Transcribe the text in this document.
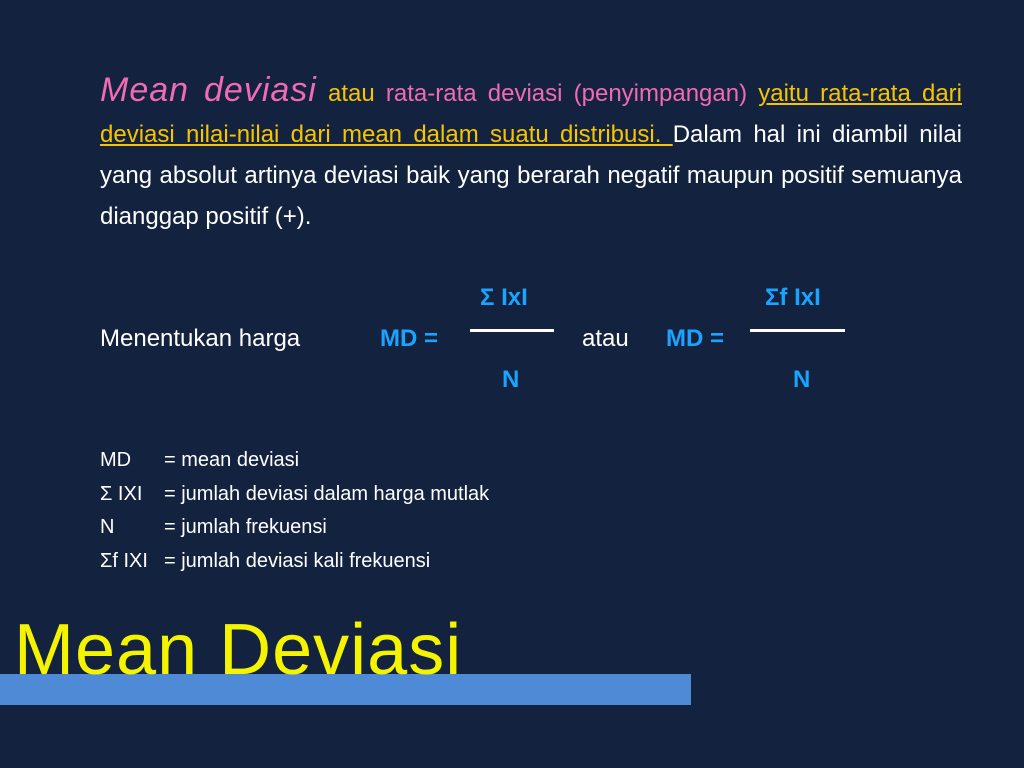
Mean deviasi atau rata-rata deviasi (penyimpangan) yaitu rata-rata dari deviasi nilai-nilai dari mean dalam suatu distribusi. Dalam hal ini diambil nilai yang absolut artinya deviasi baik yang berarah negatif maupun positif semuanya dianggap positif (+).
Menentukan harga	MD =
Σ IxI
N
atau MD =
Σf IxI
N
MD	= mean deviasi
Σ IXI	= jumlah deviasi dalam harga mutlak
N	= jumlah frekuensi
Σf IXI = jumlah deviasi kali frekuensi
Mean Deviasi
